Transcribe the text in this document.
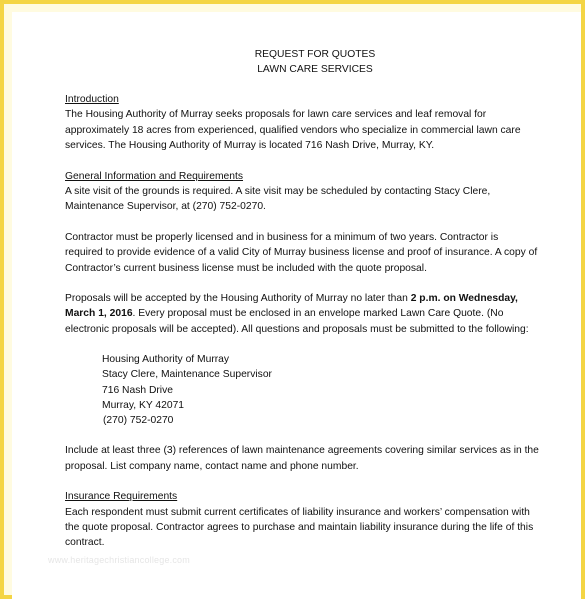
REQUEST FOR QUOTES
LAWN CARE SERVICES
Introduction
The Housing Authority of Murray seeks proposals for lawn care services and leaf removal for
approximately 18 acres from experienced, qualified vendors who specialize in commercial lawn care
services. The Housing Authority of Murray is located 716 Nash Drive, Murray, KY.
General Information and Requirements
A site visit of the grounds is required. A site visit may be scheduled by contacting Stacy Clere,
Maintenance Supervisor, at (270) 752-0270.
Contractor must be properly licensed and in business for a minimum of two years. Contractor is
required to provide evidence of a valid City of Murray business license and proof of insurance. A copy of
Contractor’s current business license must be included with the quote proposal.
Proposals will be accepted by the Housing Authority of Murray no later than 2 p.m. on Wednesday,
March 1, 2016. Every proposal must be enclosed in an envelope marked Lawn Care Quote. (No
electronic proposals will be accepted). All questions and proposals must be submitted to the following:
Housing Authority of Murray
Stacy Clere, Maintenance Supervisor
716 Nash Drive
Murray, KY 42071
(270) 752-0270
Include at least three (3) references of lawn maintenance agreements covering similar services as in the
proposal. List company name, contact name and phone number.
Insurance Requirements
Each respondent must submit current certificates of liability insurance and workers’ compensation with
the quote proposal. Contractor agrees to purchase and maintain liability insurance during the life of this
contract.
www.heritagechristiancollege.com
